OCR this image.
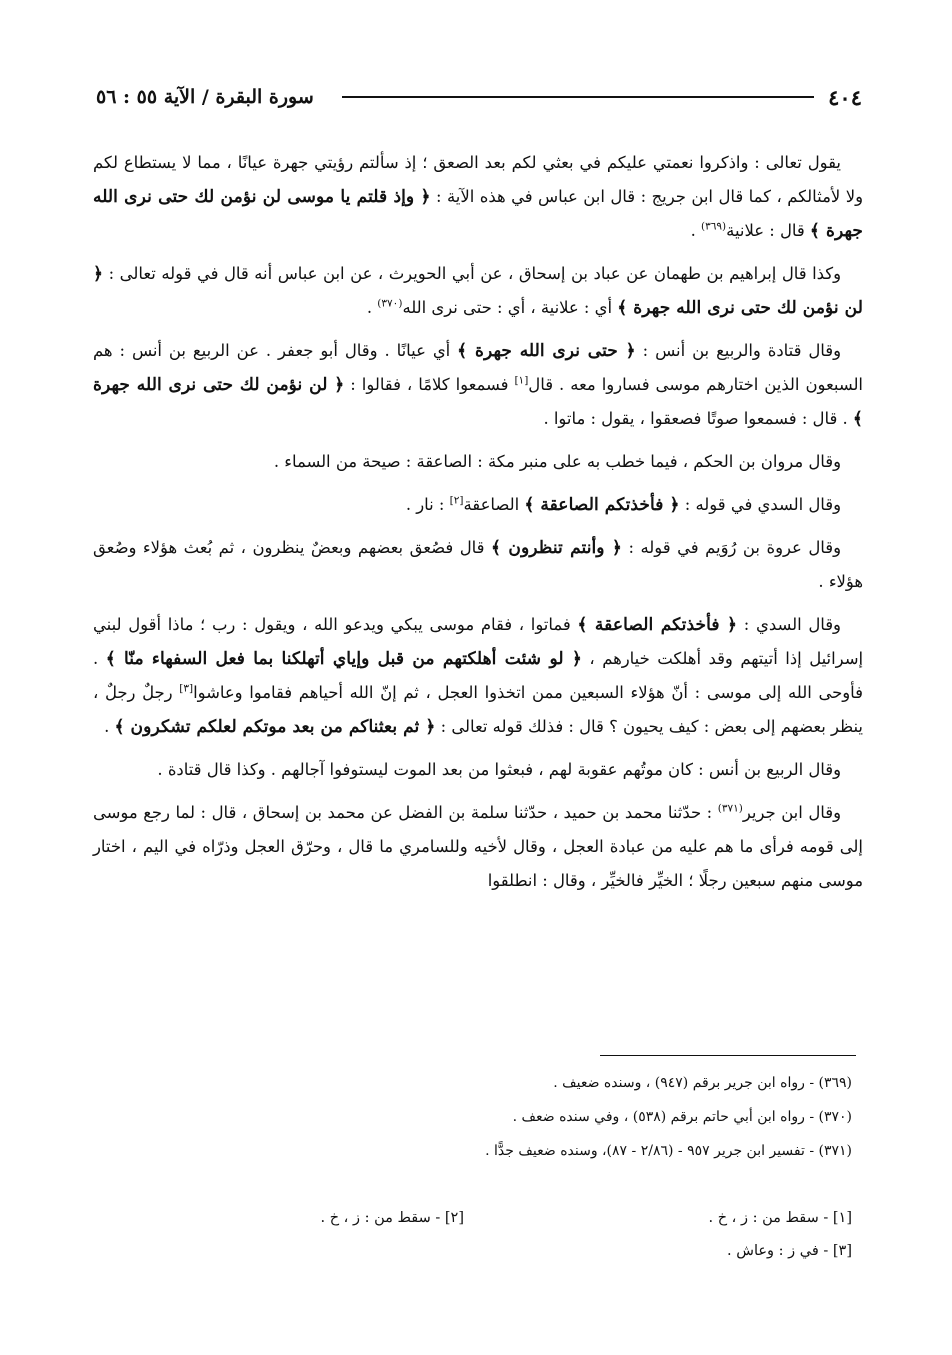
٤٠٤
سورة البقرة / الآية ٥٥ : ٥٦

يقول تعالى : واذكروا نعمتي عليكم في بعثي لكم بعد الصعق ؛ إذ سألتم رؤيتي جهرة عيانًا ، مما لا يستطاع لكم ولا لأمثالكم ، كما قال ابن جريج : قال ابن عباس في هذه الآية : ﴿ وإذ قلتم يا موسى لن نؤمن لك حتى نرى الله جهرة ﴾ قال : علانية$^{(٣٦٩)}$ .

وكذا قال إبراهيم بن طهمان عن عباد بن إسحاق ، عن أبي الحويرث ، عن ابن عباس أنه قال في قوله تعالى : ﴿ لن نؤمن لك حتى نرى الله جهرة ﴾ أي : علانية ، أي : حتى نرى الله$^{(٣٧٠)}$ .

وقال قتادة والربيع بن أنس : ﴿ حتى نرى الله جهرة ﴾ أي عيانًا . وقال أبو جعفر . عن الربيع بن أنس : هم السبعون الذين اختارهم موسى فساروا معه . قال[١] فسمعوا كلامًا ، فقالوا : ﴿ لن نؤمن لك حتى نرى الله جهرة ﴾ . قال : فسمعوا صوتًا فصعقوا ، يقول : ماتوا .

وقال مروان بن الحكم ، فيما خطب به على منبر مكة : الصاعقة : صيحة من السماء .

وقال السدي في قوله : ﴿ فأخذتكم الصاعقة ﴾ الصاعقة[٢] : نار .

وقال عروة بن رُوَيم في قوله : ﴿ وأنتم تنظرون ﴾ قال فصُعق بعضهم وبعضٌ ينظرون ، ثم بُعث هؤلاء وصُعق هؤلاء .

وقال السدي : ﴿ فأخذتكم الصاعقة ﴾ فماتوا ، فقام موسى يبكي ويدعو الله ، ويقول : رب ؛ ماذا أقول لبني إسرائيل إذا أتيتهم وقد أهلكت خيارهم ، ﴿ لو شئت أهلكتهم من قبل وإياي أتهلكنا بما فعل السفهاء منّا ﴾ . فأوحى الله إلى موسى : أنّ هؤلاء السبعين ممن اتخذوا العجل ، ثم إنّ الله أحياهم فقاموا وعاشوا[٣] رجلٌ رجلٌ ، ينظر بعضهم إلى بعض : كيف يحيون ؟ قال : فذلك قوله تعالى : ﴿ ثم بعثناكم من بعد موتكم لعلكم تشكرون ﴾ .

وقال الربيع بن أنس : كان موتُهم عقوبة لهم ، فبعثوا من بعد الموت ليستوفوا آجالهم . وكذا قال قتادة .

وقال ابن جرير$^{(٣٧١)}$ : حدّثنا محمد بن حميد ، حدّثنا سلمة بن الفضل عن محمد بن إسحاق ، قال : لما رجع موسى إلى قومه فرأى ما هم عليه من عبادة العجل ، وقال لأخيه وللسامري ما قال ، وحرّق العجل وذرّاه في اليم ، اختار موسى منهم سبعين رجلًا ؛ الخيِّر فالخيِّر ، وقال : انطلقوا

(٣٦٩) - رواه ابن جرير برقم (٩٤٧) ، وسنده ضعيف .
(٣٧٠) - رواه ابن أبي حاتم برقم (٥٣٨) ، وفي سنده ضعف .
(٣٧١) - تفسير ابن جرير ٩٥٧ - (٢/٨٦ - ٨٧)، وسنده ضعيف جدًّا .
[١] - سقط من : ز ، خ .
[٢] - سقط من : ز ، خ .
[٣] - في ز : وعاش .
